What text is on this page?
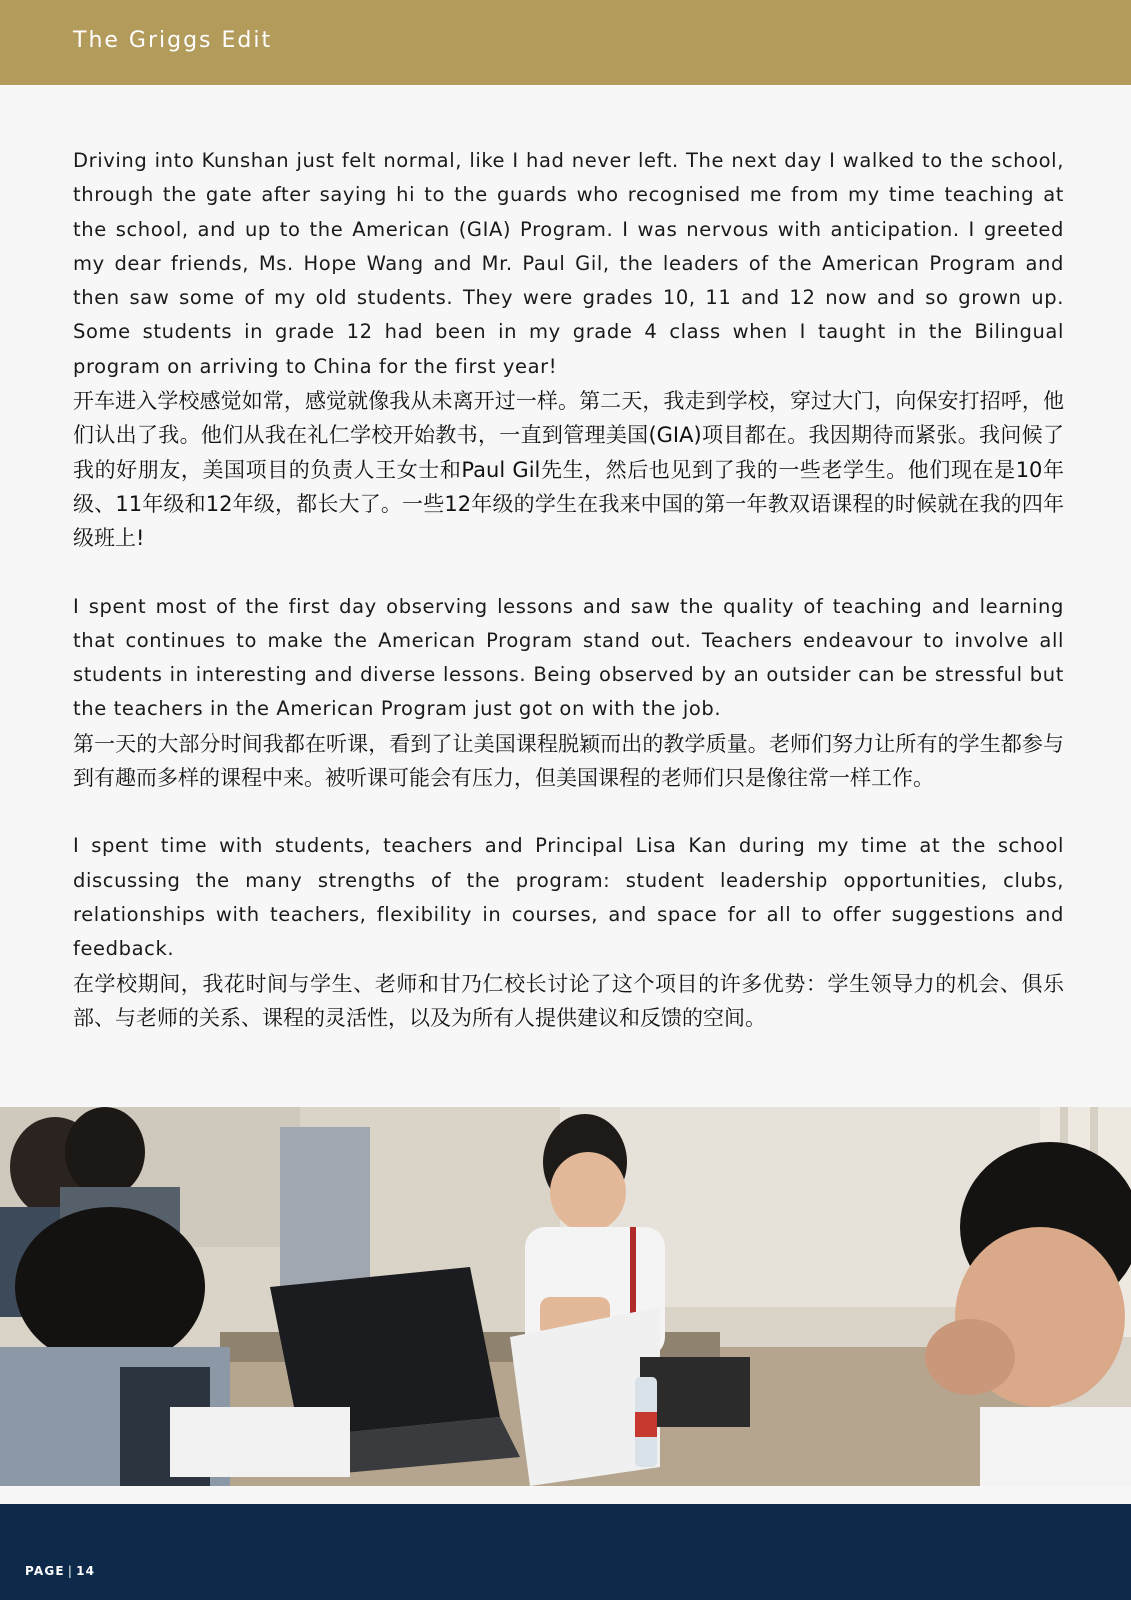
The Griggs Edit

Driving into Kunshan just felt normal, like I had never left. The next day I walked to the school, through the gate after saying hi to the guards who recognised me from my time teaching at the school, and up to the American (GIA) Program. I was nervous with anticipation. I greeted my dear friends, Ms. Hope Wang and Mr. Paul Gil, the leaders of the American Program and then saw some of my old students. They were grades 10, 11 and 12 now and so grown up. Some students in grade 12 had been in my grade 4 class when I taught in the Bilingual program on arriving to China for the first year!

开车进入学校感觉如常，感觉就像我从未离开过一样。第二天，我走到学校，穿过大门，向保安打招呼，他们认出了我。他们从我在礼仁学校开始教书，一直到管理美国(GIA)项目都在。我因期待而紧张。我问候了我的好朋友，美国项目的负责人王女士和Paul Gil先生，然后也见到了我的一些老学生。他们现在是10年级、11年级和12年级，都长大了。一些12年级的学生在我来中国的第一年教双语课程的时候就在我的四年级班上!

I spent most of the first day observing lessons and saw the quality of teaching and learning that continues to make the American Program stand out. Teachers endeavour to involve all students in interesting and diverse lessons. Being observed by an outsider can be stressful but the teachers in the American Program just got on with the job.

第一天的大部分时间我都在听课，看到了让美国课程脱颖而出的教学质量。老师们努力让所有的学生都参与到有趣而多样的课程中来。被听课可能会有压力，但美国课程的老师们只是像往常一样工作。

I spent time with students, teachers and Principal Lisa Kan during my time at the school discussing the many strengths of the program: student leadership opportunities, clubs, relationships with teachers, flexibility in courses, and space for all to offer suggestions and feedback.

在学校期间，我花时间与学生、老师和甘乃仁校长讨论了这个项目的许多优势：学生领导力的机会、俱乐部、与老师的关系、课程的灵活性，以及为所有人提供建议和反馈的空间。

PAGE | 14
